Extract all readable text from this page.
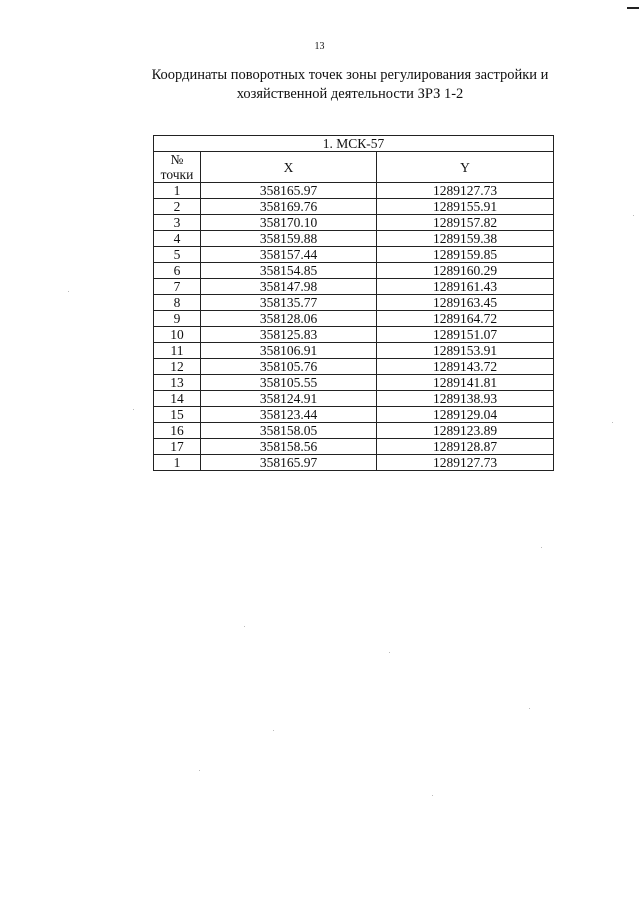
13
Координаты поворотных точек зоны регулирования застройки и
хозяйственной деятельности ЗРЗ 1-2
1. МСК-57		

№
точки	X	Y
1	358165.97	1289127.73
2	358169.76	1289155.91
3	358170.10	1289157.82
4	358159.88	1289159.38
5	358157.44	1289159.85
6	358154.85	1289160.29
7	358147.98	1289161.43
8	358135.77	1289163.45
9	358128.06	1289164.72
10	358125.83	1289151.07
11	358106.91	1289153.91
12	358105.76	1289143.72
13	358105.55	1289141.81
14	358124.91	1289138.93
15	358123.44	1289129.04
16	358158.05	1289123.89
17	358158.56	1289128.87
1	358165.97	1289127.73
